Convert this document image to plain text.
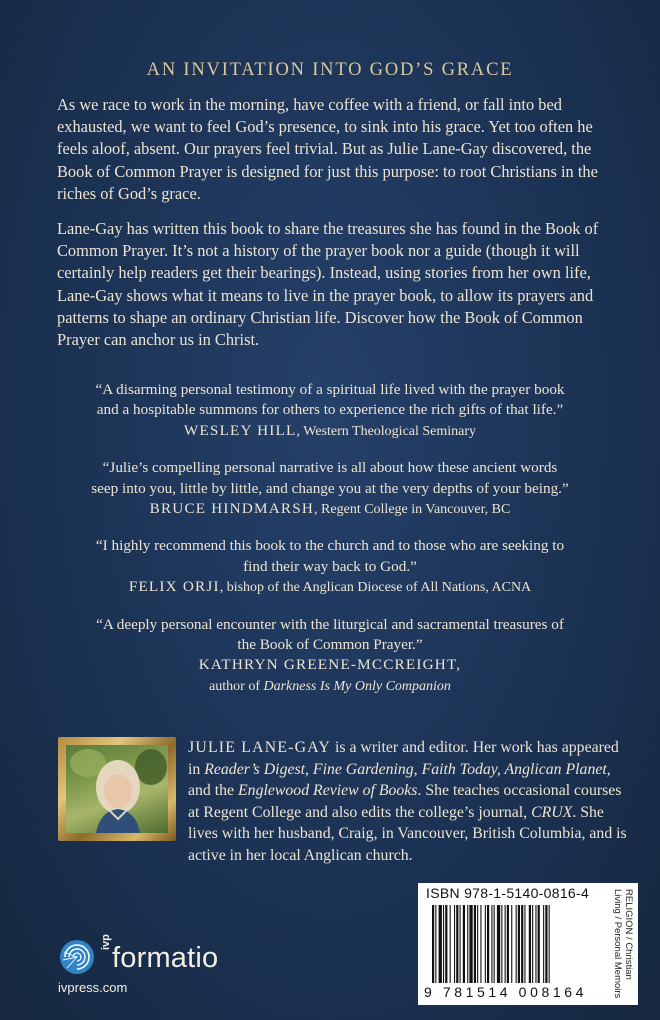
AN INVITATION INTO GOD’S GRACE

As we race to work in the morning, have coffee with a friend, or fall into bed exhausted, we want to feel God’s presence, to sink into his grace. Yet too often he feels aloof, absent. Our prayers feel trivial. But as Julie Lane-Gay discovered, the Book of Common Prayer is designed for just this purpose: to root Christians in the riches of God’s grace.

Lane-Gay has written this book to share the treasures she has found in the Book of Common Prayer. It’s not a history of the prayer book nor a guide (though it will certainly help readers get their bearings). Instead, using stories from her own life, Lane-Gay shows what it means to live in the prayer book, to allow its prayers and patterns to shape an ordinary Christian life. Discover how the Book of Common Prayer can anchor us in Christ.

“A disarming personal testimony of a spiritual life lived with the prayer book and a hospitable summons for others to experience the rich gifts of that life.”
WESLEY HILL, Western Theological Seminary
“Julie’s compelling personal narrative is all about how these ancient words seep into you, little by little, and change you at the very depths of your being.”
BRUCE HINDMARSH, Regent College in Vancouver, BC
“I highly recommend this book to the church and to those who are seeking to find their way back to God.”
FELIX ORJI, bishop of the Anglican Diocese of All Nations, ACNA
“A deeply personal encounter with the liturgical and sacramental treasures of the Book of Common Prayer.”
KATHRYN GREENE-MCCREIGHT,
author of Darkness Is My Only Companion

JULIE LANE-GAY is a writer and editor. Her work has appeared in Reader’s Digest, Fine Gardening, Faith Today, Anglican Planet, and the Englewood Review of Books. She teaches occasional courses at Regent College and also edits the college’s journal, CRUX. She lives with her husband, Craig, in Vancouver, British Columbia, and is active in her local Anglican church.

ivp formatio
ivpress.com
ISBN 978-1-5140-0816-4
9 781514 008164
RELIGION / Christian Living / Personal Memoirs
